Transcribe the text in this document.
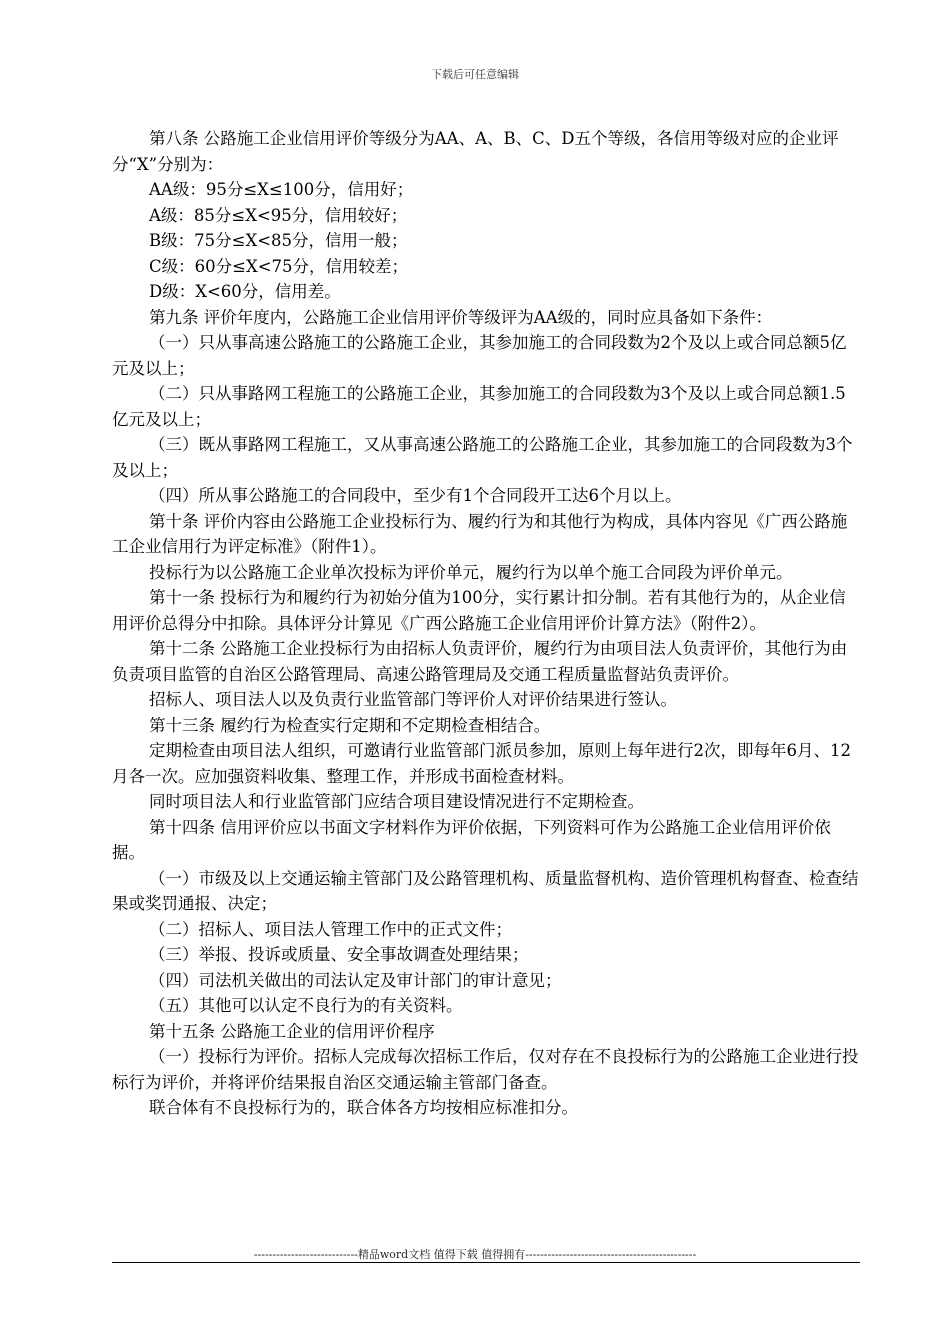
下载后可任意编辑

第八条 公路施工企业信用评价等级分为AA、A、B、C、D五个等级，各信用等级对应的企业评分“X”分别为：

AA级：95分≤X≤100分，信用好；

A级：85分≤X<95分，信用较好；

B级：75分≤X<85分，信用一般；

C级：60分≤X<75分，信用较差；

D级：X<60分，信用差。

第九条 评价年度内，公路施工企业信用评价等级评为AA级的，同时应具备如下条件：

（一）只从事高速公路施工的公路施工企业，其参加施工的合同段数为2个及以上或合同总额5亿元及以上；

（二）只从事路网工程施工的公路施工企业，其参加施工的合同段数为3个及以上或合同总额1.5亿元及以上；

（三）既从事路网工程施工，又从事高速公路施工的公路施工企业，其参加施工的合同段数为3个及以上；

（四）所从事公路施工的合同段中，至少有1个合同段开工达6个月以上。

第十条 评价内容由公路施工企业投标行为、履约行为和其他行为构成，具体内容见《广西公路施工企业信用行为评定标准》（附件1）。

投标行为以公路施工企业单次投标为评价单元，履约行为以单个施工合同段为评价单元。

第十一条 投标行为和履约行为初始分值为100分，实行累计扣分制。若有其他行为的，从企业信用评价总得分中扣除。具体评分计算见《广西公路施工企业信用评价计算方法》（附件2）。

第十二条 公路施工企业投标行为由招标人负责评价，履约行为由项目法人负责评价，其他行为由负责项目监管的自治区公路管理局、高速公路管理局及交通工程质量监督站负责评价。

招标人、项目法人以及负责行业监管部门等评价人对评价结果进行签认。

第十三条 履约行为检查实行定期和不定期检查相结合。

定期检查由项目法人组织，可邀请行业监管部门派员参加，原则上每年进行2次，即每年6月、12月各一次。应加强资料收集、整理工作，并形成书面检查材料。

同时项目法人和行业监管部门应结合项目建设情况进行不定期检查。

第十四条 信用评价应以书面文字材料作为评价依据，下列资料可作为公路施工企业信用评价依据。

（一）市级及以上交通运输主管部门及公路管理机构、质量监督机构、造价管理机构督查、检查结果或奖罚通报、决定；

（二）招标人、项目法人管理工作中的正式文件；

（三）举报、投诉或质量、安全事故调查处理结果；

（四）司法机关做出的司法认定及审计部门的审计意见；

（五）其他可以认定不良行为的有关资料。

第十五条 公路施工企业的信用评价程序

（一）投标行为评价。招标人完成每次招标工作后，仅对存在不良投标行为的公路施工企业进行投标行为评价，并将评价结果报自治区交通运输主管部门备查。

联合体有不良投标行为的，联合体各方均按相应标准扣分。

----------------------------精品word文档 值得下载 值得拥有----------------------------------------------
